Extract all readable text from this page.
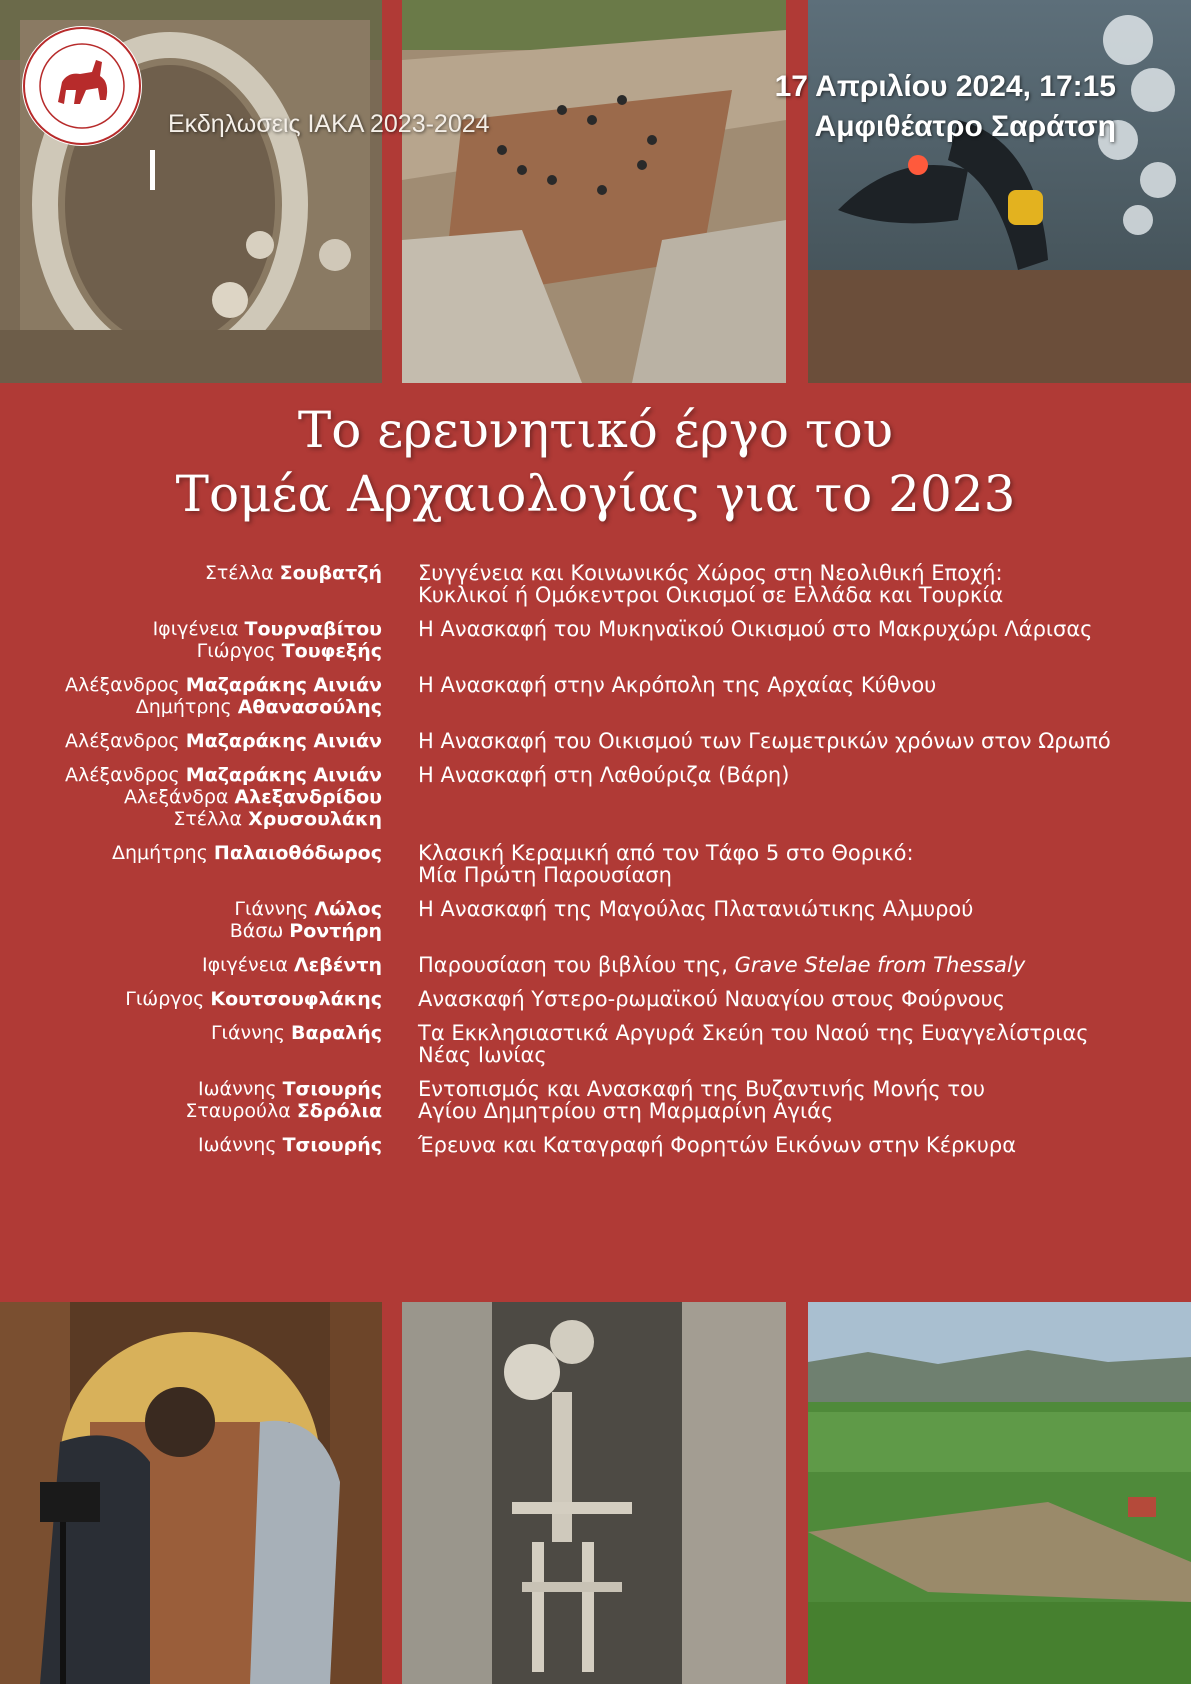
Εκδηλωσεις ΙΑΚΑ 2023-2024
17 Απριλίου 2024, 17:15
Αμφιθέατρο Σαράτση
Το ερευνητικό έργο του
Τομέα Αρχαιολογίας για το 2023
Στέλλα Σουβατζή Συγγένεια και Κοινωνικός Χώρος στη Νεολιθική Εποχή:
Κυκλικοί ή Ομόκεντροι Οικισμοί σε Ελλάδα και Τουρκία
Ιφιγένεια Τουρναβίτου
Γιώργος Τουφεξής
Η Ανασκαφή του Μυκηναϊκού Οικισμού στο Μακρυχώρι Λάρισας
Αλέξανδρος Μαζαράκης Αινιάν
Δημήτρης Αθανασούλης
Η Ανασκαφή στην Ακρόπολη της Αρχαίας Κύθνου
Αλέξανδρος Μαζαράκης Αινιάν Η Ανασκαφή του Οικισμού των Γεωμετρικών χρόνων στον Ωρωπό
Αλέξανδρος Μαζαράκης Αινιάν
Αλεξάνδρα Αλεξανδρίδου
Στέλλα Χρυσουλάκη
Η Ανασκαφή στη Λαθούριζα (Βάρη)
Δημήτρης Παλαιοθόδωρος Κλασική Κεραμική από τον Τάφο 5 στο Θορικό:
Μία Πρώτη Παρουσίαση
Γιάννης Λώλος
Βάσω Ροντήρη
Η Ανασκαφή της Μαγούλας Πλατανιώτικης Αλμυρού
Ιφιγένεια Λεβέντη Παρουσίαση του βιβλίου της, Grave Stelae from Thessaly
Γιώργος Κουτσουφλάκης Ανασκαφή Υστερο-ρωμαϊκού Ναυαγίου στους Φούρνους
Γιάννης Βαραλής Τα Εκκλησιαστικά Αργυρά Σκεύη του Ναού της Ευαγγελίστριας
Νέας Ιωνίας
Ιωάννης Τσιουρής
Σταυρούλα Σδρόλια
Εντοπισμός και Ανασκαφή της Βυζαντινής Μονής του
Αγίου Δημητρίου στη Μαρμαρίνη Αγιάς
Ιωάννης Τσιουρής Έρευνα και Καταγραφή Φορητών Εικόνων στην Κέρκυρα
